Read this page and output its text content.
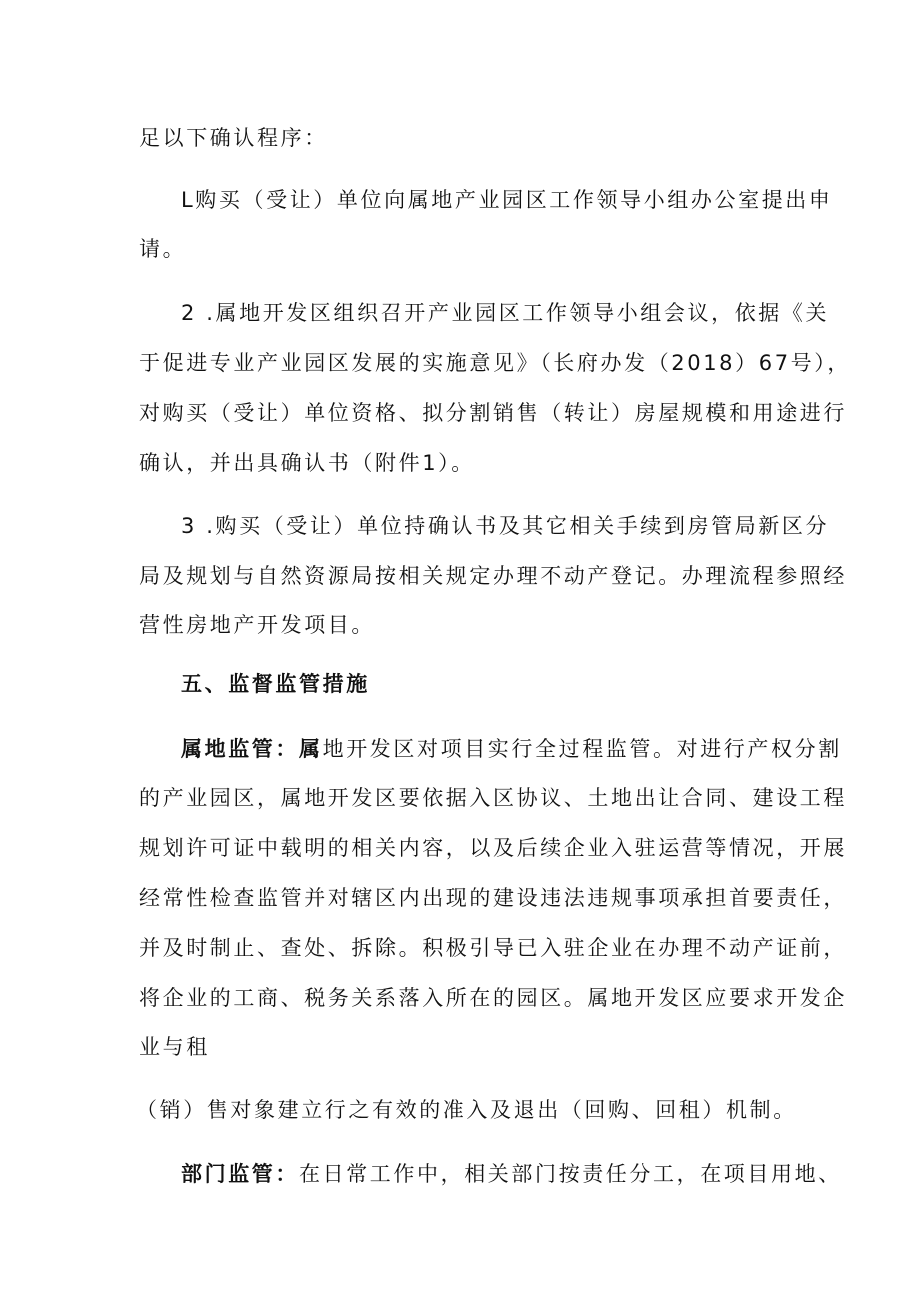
足以下确认程序：

L购买（受让）单位向属地产业园区工作领导小组办公室提出申

请。

2 .属地开发区组织召开产业园区工作领导小组会议，依据《关

于促进专业产业园区发展的实施意见》（长府办发（2018）67号），

对购买（受让）单位资格、拟分割销售（转让）房屋规模和用途进行

确认，并出具确认书（附件1）。

3 .购买（受让）单位持确认书及其它相关手续到房管局新区分

局及规划与自然资源局按相关规定办理不动产登记。办理流程参照经

营性房地产开发项目。

五、监督监管措施

属地监管：属地开发区对项目实行全过程监管。对进行产权分割

的产业园区，属地开发区要依据入区协议、土地出让合同、建设工程

规划许可证中载明的相关内容，以及后续企业入驻运营等情况，开展

经常性检查监管并对辖区内出现的建设违法违规事项承担首要责任，

并及时制止、查处、拆除。积极引导已入驻企业在办理不动产证前，

将企业的工商、税务关系落入所在的园区。属地开发区应要求开发企

业与租

（销）售对象建立行之有效的准入及退出（回购、回租）机制。

部门监管：在日常工作中，相关部门按责任分工，在项目用地、
